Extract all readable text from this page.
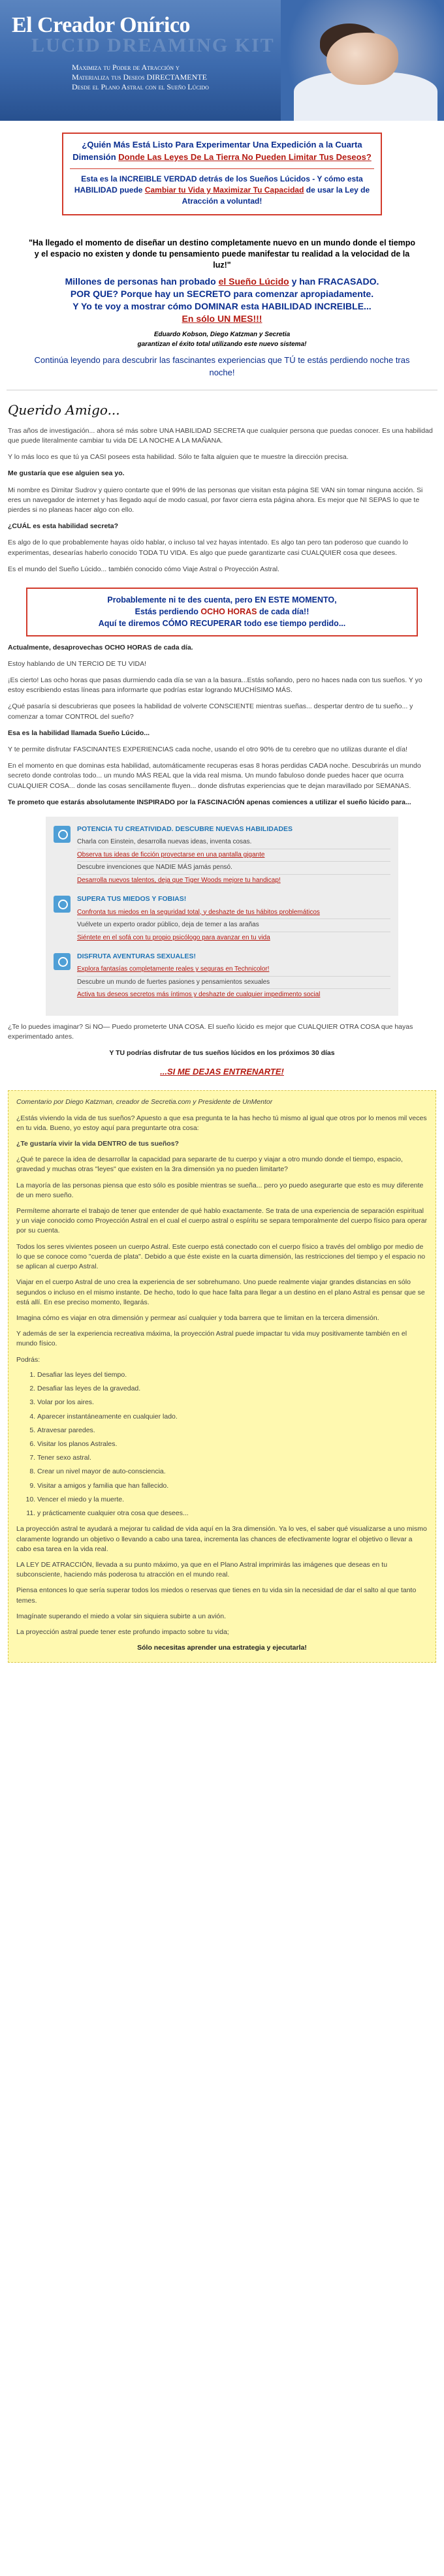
El Creador Onírico
LUCID DREAMING KIT
Maximiza tu Poder de Atracción y
Materializa tus Deseos DIRECTAMENTE
Desde el Plano Astral con el Sueño Lúcido
¿Quién Más Está Listo Para Experimentar Una Expedición a la Cuarta Dimensión Donde Las Leyes De La Tierra No Pueden Limitar Tus Deseos?
Esta es la INCREIBLE VERDAD detrás de los Sueños Lúcidos - Y cómo esta HABILIDAD puede Cambiar tu Vida y Maximizar Tu Capacidad de usar la Ley de Atracción a voluntad!
"Ha llegado el momento de diseñar un destino completamente nuevo en un mundo donde el tiempo y el espacio no existen y donde tu pensamiento puede manifestar tu realidad a la velocidad de la luz!"
Millones de personas han probado el Sueño Lúcido y han FRACASADO.
POR QUE? Porque hay un SECRETO para comenzar apropiadamente.
Y Yo te voy a mostrar cómo DOMINAR esta HABILIDAD INCREIBLE...
En sólo UN MES!!!
Eduardo Kobson, Diego Katzman y Secretia
garantizan el éxito total utilizando este nuevo sistema!
Continúa leyendo para descubrir las fascinantes experiencias que TÚ te estás perdiendo noche tras noche!
Querido Amigo...

Tras años de investigación... ahora sé más sobre UNA HABILIDAD SECRETA que cualquier persona que puedas conocer. Es una habilidad que puede literalmente cambiar tu vida DE LA NOCHE A LA MAÑANA.

Y lo más loco es que tú ya CASI posees esta habilidad. Sólo te falta alguien que te muestre la dirección precisa.

Me gustaría que ese alguien sea yo.

Mi nombre es Dimitar Sudrov y quiero contarte que el 99% de las personas que visitan esta página SE VAN sin tomar ninguna acción. Si eres un navegador de internet y has llegado aquí de modo casual, por favor cierra esta página ahora. Es mejor que NI SEPAS lo que te pierdes si no planeas hacer algo con ello.

¿CUÁL es esta habilidad secreta?

Es algo de lo que probablemente hayas oído hablar, o incluso tal vez hayas intentado. Es algo tan pero tan poderoso que cuando lo experimentas, desearías haberlo conocido TODA TU VIDA. Es algo que puede garantizarte casi CUALQUIER cosa que desees.

Es el mundo del Sueño Lúcido... también conocido cómo Viaje Astral o Proyección Astral.

Probablemente ni te des cuenta, pero EN ESTE MOMENTO,
Estás perdiendo OCHO HORAS de cada día!!
Aquí te diremos CÓMO RECUPERAR todo ese tiempo perdido...

Actualmente, desaprovechas OCHO HORAS de cada día.

Estoy hablando de UN TERCIO DE TU VIDA!

¡Es cierto! Las ocho horas que pasas durmiendo cada día se van a la basura...Estás soñando, pero no haces nada con tus sueños. Y yo estoy escribiendo estas líneas para informarte que podrías estar logrando MUCHÍSIMO MÁS.

¿Qué pasaría si descubrieras que posees la habilidad de volverte CONSCIENTE mientras sueñas... despertar dentro de tu sueño... y comenzar a tomar CONTROL del sueño?

Esa es la habilidad llamada Sueño Lúcido...

Y te permite disfrutar FASCINANTES EXPERIENCIAS cada noche, usando el otro 90% de tu cerebro que no utilizas durante el día!

En el momento en que dominas esta habilidad, automáticamente recuperas esas 8 horas perdidas CADA noche. Descubrirás un mundo secreto donde controlas todo... un mundo MÁS REAL que la vida real misma. Un mundo fabuloso donde puedes hacer que ocurra CUALQUIER COSA... donde las cosas sencillamente fluyen... donde disfrutas experiencias que te dejan maravillado por SEMANAS.

Te prometo que estarás absolutamente INSPIRADO por la FASCINACIÓN apenas comiences a utilizar el sueño lúcido para...

POTENCIA TU CREATIVIDAD. DESCUBRE NUEVAS HABILIDADES
Charla con Einstein, desarrolla nuevas ideas, inventa cosas.
Observa tus ideas de ficción proyectarse en una pantalla gigante
Descubre invenciones que NADIE MÁS jamás pensó.
Desarrolla nuevos talentos, deja que Tiger Woods mejore tu handicap!
SUPERA TUS MIEDOS Y FOBIAS!
Confronta tus miedos en la seguridad total, y deshazte de tus hábitos problemáticos
Vuélvete un experto orador público, deja de temer a las arañas
Siéntete en el sofá con tu propio psicólogo para avanzar en tu vida
DISFRUTA AVENTURAS SEXUALES!
Explora fantasías completamente reales y seguras en Technicolor!
Descubre un mundo de fuertes pasiones y pensamientos sexuales
Activa tus deseos secretos más íntimos y deshazte de cualquier impedimento social

¿Te lo puedes imaginar? Si NO— Puedo prometerte UNA COSA. El sueño lúcido es mejor que CUALQUIER OTRA COSA que hayas experimentado antes.

Y TU podrías disfrutar de tus sueños lúcidos en los próximos 30 días

...SI ME DEJAS ENTRENARTE!

Comentario por Diego Katzman, creador de Secretia.com y Presidente de UnMentor

¿Estás viviendo la vida de tus sueños? Apuesto a que esa pregunta te la has hecho tú mismo al igual que otros por lo menos mil veces en tu vida. Bueno, yo estoy aquí para preguntarte otra cosa:

¿Te gustaría vivir la vida DENTRO de tus sueños?

¿Qué te parece la idea de desarrollar la capacidad para separarte de tu cuerpo y viajar a otro mundo donde el tiempo, espacio, gravedad y muchas otras "leyes" que existen en la 3ra dimensión ya no pueden limitarte?

La mayoría de las personas piensa que esto sólo es posible mientras se sueña... pero yo puedo asegurarte que esto es muy diferente de un mero sueño.

Permíteme ahorrarte el trabajo de tener que entender de qué hablo exactamente. Se trata de una experiencia de separación espiritual y un viaje conocido como Proyección Astral en el cual el cuerpo astral o espíritu se separa temporalmente del cuerpo físico para operar por su cuenta.

Todos los seres vivientes poseen un cuerpo Astral. Este cuerpo está conectado con el cuerpo físico a través del ombligo por medio de lo que se conoce como "cuerda de plata". Debido a que éste existe en la cuarta dimensión, las restricciones del tiempo y el espacio no se aplican al cuerpo Astral.

Viajar en el cuerpo Astral de uno crea la experiencia de ser sobrehumano. Uno puede realmente viajar grandes distancias en sólo segundos o incluso en el mismo instante. De hecho, todo lo que hace falta para llegar a un destino en el plano Astral es pensar que se está allí. En ese preciso momento, llegarás.

Imagina cómo es viajar en otra dimensión y permear así cualquier y toda barrera que te limitan en la tercera dimensión.

Y además de ser la experiencia recreativa máxima, la proyección Astral puede impactar tu vida muy positivamente también en el mundo físico.

Podrás:

1. Desafiar las leyes del tiempo.
2. Desafiar las leyes de la gravedad.
3. Volar por los aires.
4. Aparecer instantáneamente en cualquier lado.
5. Atravesar paredes.
6. Visitar los planos Astrales.
7. Tener sexo astral.
8. Crear un nivel mayor de auto-consciencia.
9. Visitar a amigos y familia que han fallecido.
10. Vencer el miedo y la muerte.
11. y prácticamente cualquier otra cosa que desees...

La proyección astral te ayudará a mejorar tu calidad de vida aquí en la 3ra dimensión. Ya lo ves, el saber qué visualizarse a uno mismo claramente logrando un objetivo o llevando a cabo una tarea, incrementa las chances de efectivamente lograr el objetivo o llevar a cabo esa tarea en la vida real.

LA LEY DE ATRACCIÓN, llevada a su punto máximo, ya que en el Plano Astral imprimirás las imágenes que deseas en tu subconsciente, haciendo más poderosa tu atracción en el mundo real.

Piensa entonces lo que sería superar todos los miedos o reservas que tienes en tu vida sin la necesidad de dar el salto al que tanto temes.

Imagínate superando el miedo a volar sin siquiera subirte a un avión.

La proyección astral puede tener este profundo impacto sobre tu vida;

Sólo necesitas aprender una estrategia y ejecutarla!
